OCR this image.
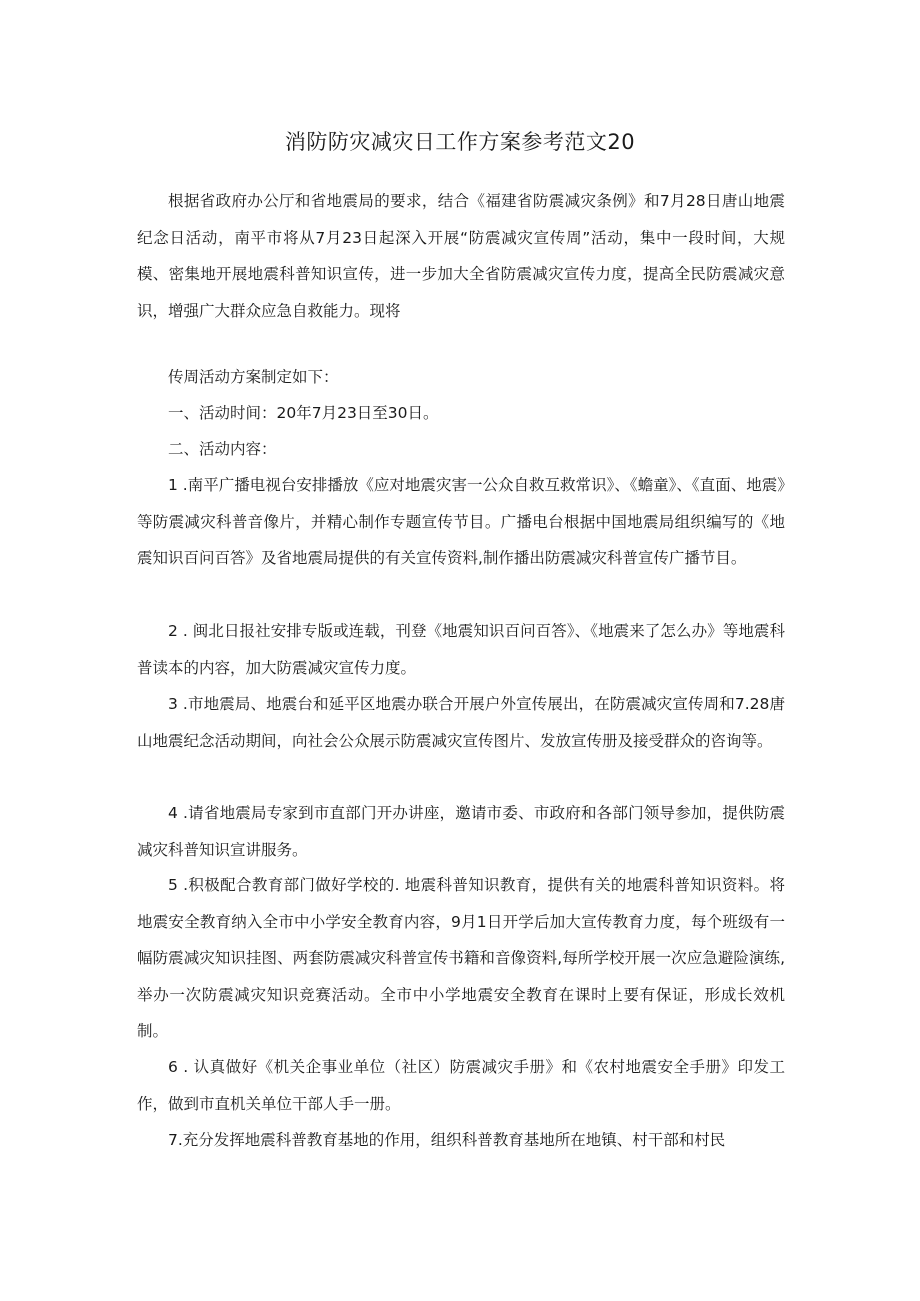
消防防灾减灾日工作方案参考范文20

根据省政府办公厅和省地震局的要求，结合《福建省防震减灾条例》和7月28日唐山地震纪念日活动，南平市将从7月23日起深入开展“防震减灾宣传周”活动，集中一段时间，大规模、密集地开展地震科普知识宣传，进一步加大全省防震减灾宣传力度，提高全民防震减灾意识，增强广大群众应急自救能力。现将

传周活动方案制定如下：

一、活动时间：20年7月23日至30日。

二、活动内容：

1 .南平广播电视台安排播放《应对地震灾害一公众自救互救常识》、《蟾童》、《直面、地震》等防震减灾科普音像片，并精心制作专题宣传节目。广播电台根据中国地震局组织编写的《地震知识百问百答》及省地震局提供的有关宣传资料,制作播出防震减灾科普宣传广播节目。

2 . 闽北日报社安排专版或连载，刊登《地震知识百问百答》、《地震来了怎么办》等地震科普读本的内容，加大防震减灾宣传力度。

3 .市地震局、地震台和延平区地震办联合开展户外宣传展出，在防震减灾宣传周和7.28唐山地震纪念活动期间，向社会公众展示防震减灾宣传图片、发放宣传册及接受群众的咨询等。

4 .请省地震局专家到市直部门开办讲座，邀请市委、市政府和各部门领导参加，提供防震减灾科普知识宣讲服务。

5 .积极配合教育部门做好学校的. 地震科普知识教育，提供有关的地震科普知识资料。将地震安全教育纳入全市中小学安全教育内容，9月1日开学后加大宣传教育力度，每个班级有一幅防震减灾知识挂图、两套防震减灾科普宣传书籍和音像资料,每所学校开展一次应急避险演练,举办一次防震减灾知识竞赛活动。全市中小学地震安全教育在课时上要有保证，形成长效机制。

6 . 认真做好《机关企事业单位（社区）防震减灾手册》和《农村地震安全手册》印发工作，做到市直机关单位干部人手一册。

7.充分发挥地震科普教育基地的作用，组织科普教育基地所在地镇、村干部和村民
